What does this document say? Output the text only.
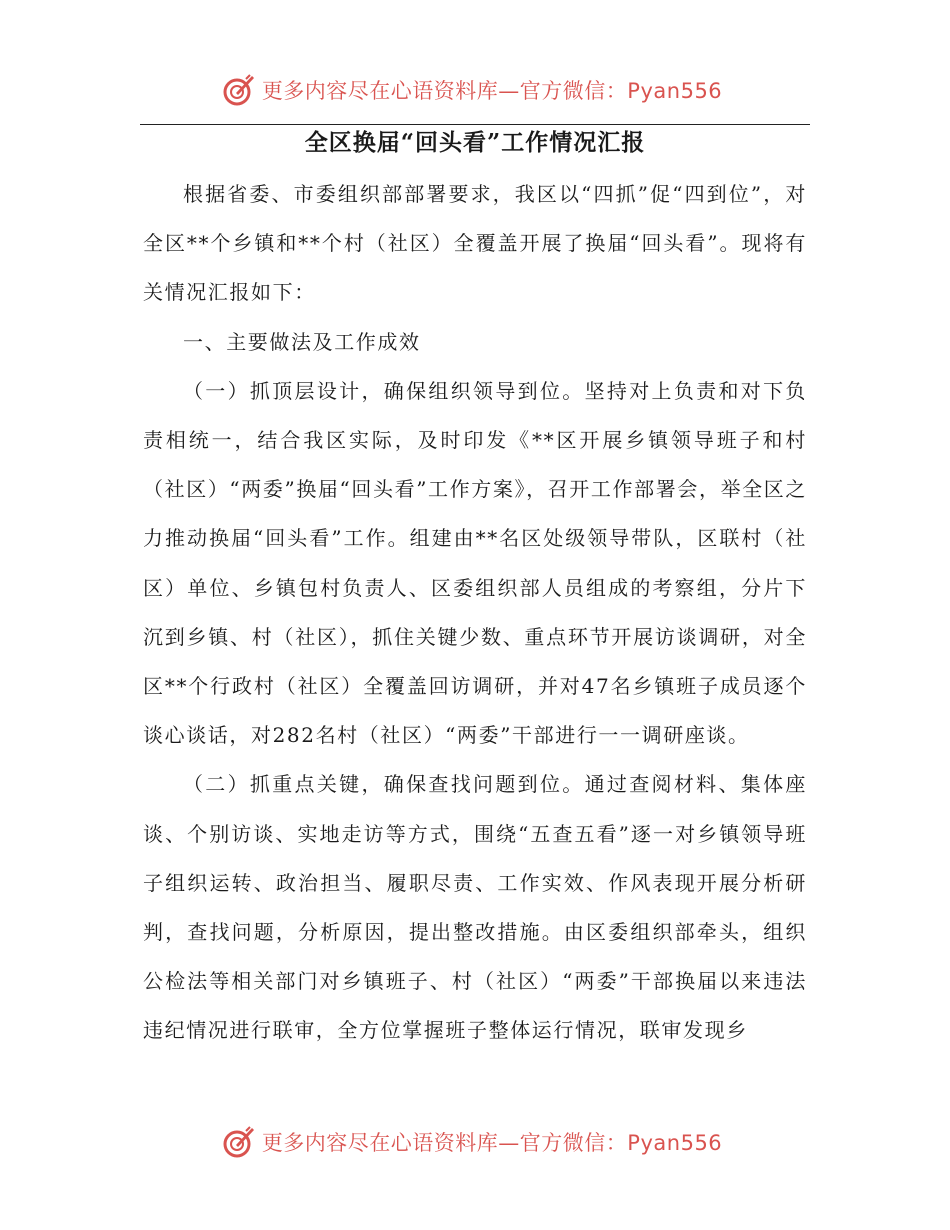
更多内容尽在心语资料库—官方微信：Pyan556
全区换届“回头看”工作情况汇报

根据省委、市委组织部部署要求，我区以“四抓”促“四到位”，对全区**个乡镇和**个村（社区）全覆盖开展了换届“回头看”。现将有关情况汇报如下：

一、主要做法及工作成效

（一）抓顶层设计，确保组织领导到位。坚持对上负责和对下负责相统一，结合我区实际，及时印发《**区开展乡镇领导班子和村（社区）“两委”换届“回头看”工作方案》，召开工作部署会，举全区之力推动换届“回头看”工作。组建由**名区处级领导带队，区联村（社区）单位、乡镇包村负责人、区委组织部人员组成的考察组，分片下沉到乡镇、村（社区），抓住关键少数、重点环节开展访谈调研，对全区**个行政村（社区）全覆盖回访调研，并对47名乡镇班子成员逐个谈心谈话，对282名村（社区）“两委”干部进行一一调研座谈。

（二）抓重点关键，确保查找问题到位。通过查阅材料、集体座谈、个别访谈、实地走访等方式，围绕“五查五看”逐一对乡镇领导班子组织运转、政治担当、履职尽责、工作实效、作风表现开展分析研判，查找问题，分析原因，提出整改措施。由区委组织部牵头，组织公检法等相关部门对乡镇班子、村（社区）“两委”干部换届以来违法违纪情况进行联审，全方位掌握班子整体运行情况，联审发现乡

更多内容尽在心语资料库—官方微信：Pyan556
